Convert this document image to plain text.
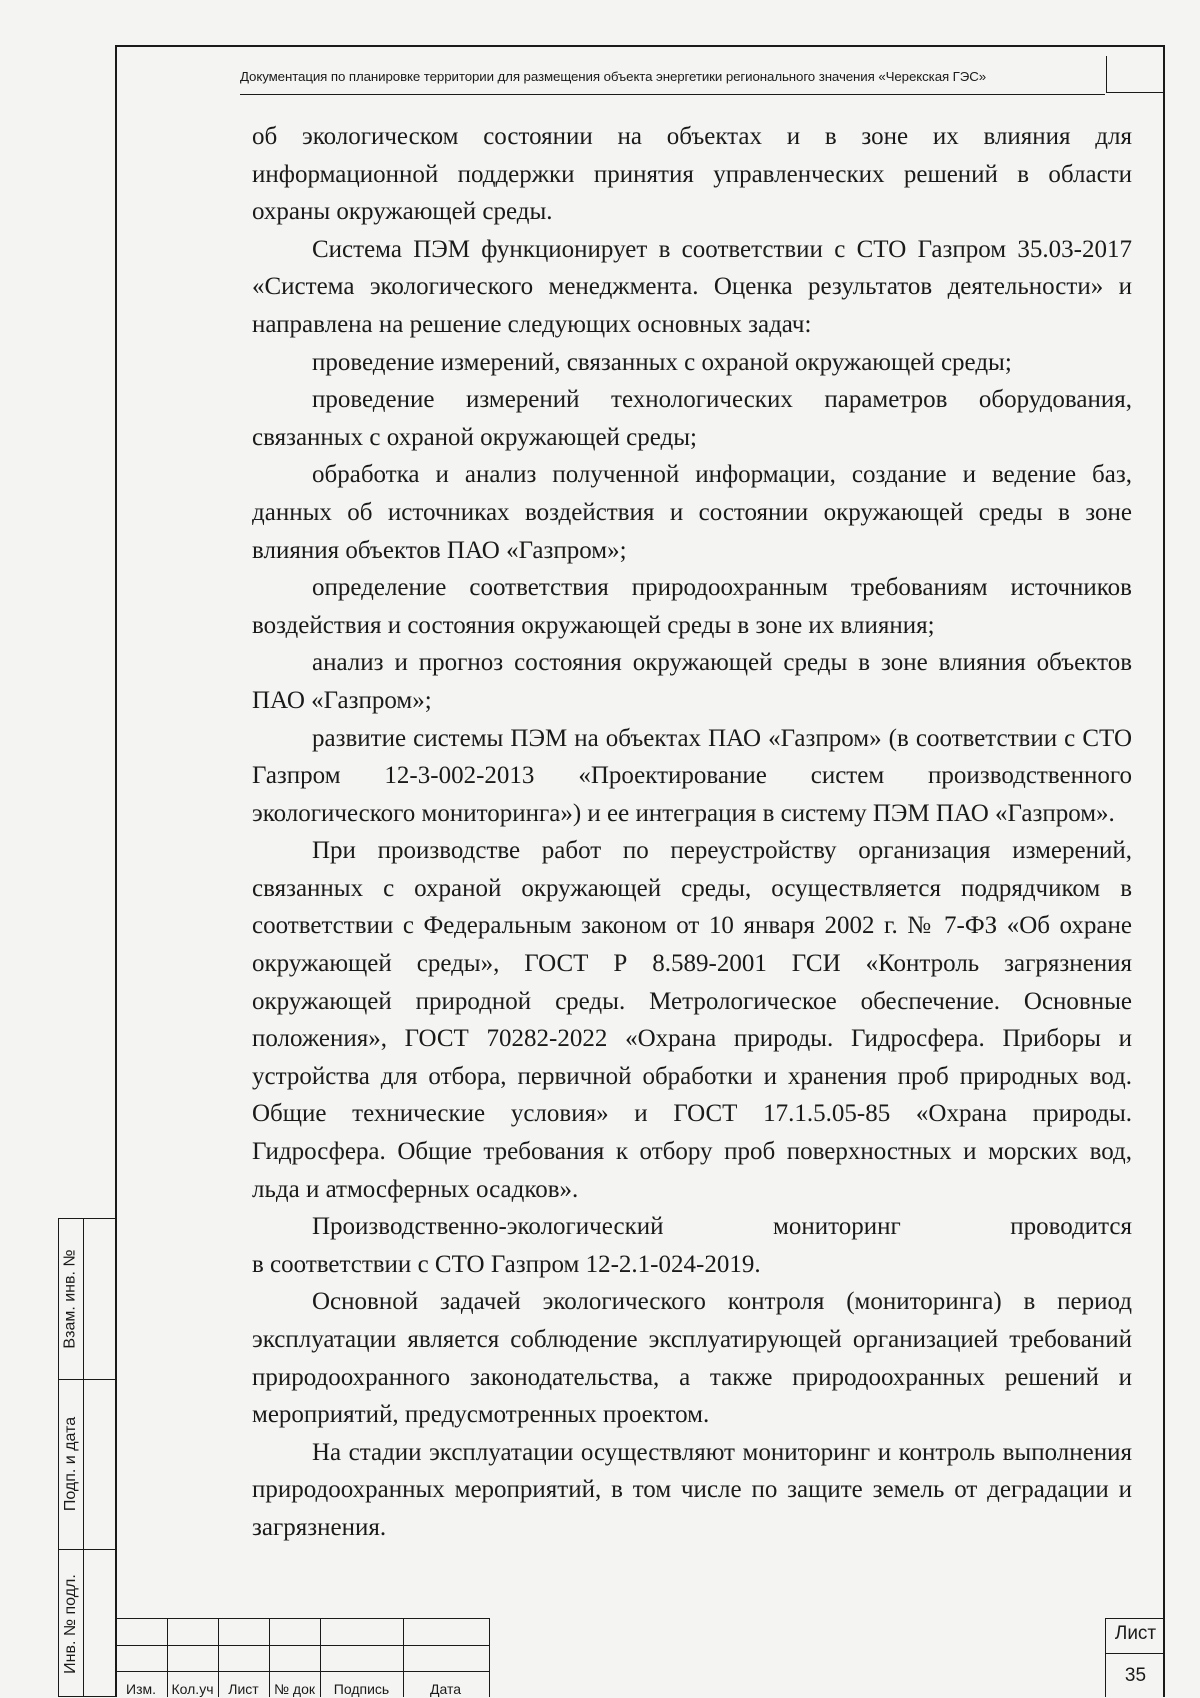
Документация по планировке территории для размещения объекта энергетики регионального значения «Черекская ГЭС»

об экологическом состоянии на объектах и в зоне их влияния для информационной поддержки принятия управленческих решений в области охраны окружающей среды.

Система ПЭМ функционирует в соответствии с СТО Газпром 35.03-2017 «Система экологического менеджмента. Оценка результатов деятельности» и направлена на решение следующих основных задач:

проведение измерений, связанных с охраной окружающей среды;

проведение измерений технологических параметров оборудования, связанных с охраной окружающей среды;

обработка и анализ полученной информации, создание и ведение баз, данных об источниках воздействия и состоянии окружающей среды в зоне влияния объектов ПАО «Газпром»;

определение соответствия природоохранным требованиям источников воздействия и состояния окружающей среды в зоне их влияния;

анализ и прогноз состояния окружающей среды в зоне влияния объектов ПАО «Газпром»;

развитие системы ПЭМ на объектах ПАО «Газпром» (в соответствии с СТО Газпром 12-3-002-2013 «Проектирование систем производственного экологического мониторинга») и ее интеграция в систему ПЭМ ПАО «Газпром».

При производстве работ по переустройству организация измерений, связанных с охраной окружающей среды, осуществляется подрядчиком в соответствии с Федеральным законом от 10 января 2002 г. № 7-ФЗ «Об охране окружающей среды», ГОСТ Р 8.589-2001 ГСИ «Контроль загрязнения окружающей природной среды. Метрологическое обеспечение. Основные положения», ГОСТ 70282-2022 «Охрана природы. Гидросфера. Приборы и устройства для отбора, первичной обработки и хранения проб природных вод. Общие технические условия» и ГОСТ 17.1.5.05-85 «Охрана природы. Гидросфера. Общие требования к отбору проб поверхностных и морских вод, льда и атмосферных осадков».

Производственно-экологический мониторинг проводится

в соответствии с СТО Газпром 12-2.1-024-2019.

Основной задачей экологического контроля (мониторинга) в период эксплуатации является соблюдение эксплуатирующей организацией требований природоохранного законодательства, а также природоохранных решений и мероприятий, предусмотренных проектом.

На стадии эксплуатации осуществляют мониторинг и контроль выполнения природоохранных мероприятий, в том числе по защите земель от деградации и загрязнения.

Взам. инв. №
Подп. и дата
Инв. № подл.
Изм.	Кол.уч	Лист	№ док	Подпись	Дата
Лист
35
